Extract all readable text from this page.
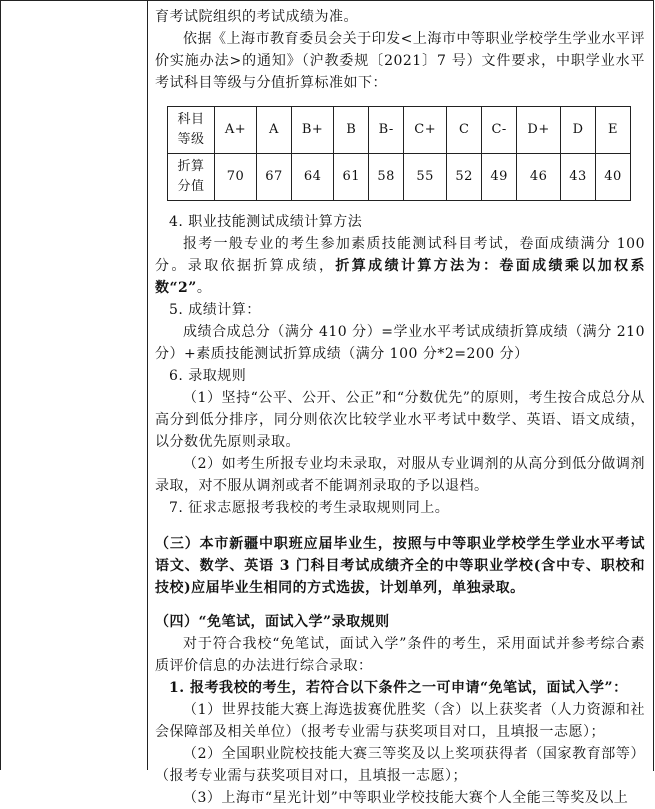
育考试院组织的考试成绩为准。

依据《上海市教育委员会关于印发<上海市中等职业学校学生学业水平评价实施办法>的通知》（沪教委规〔2021〕7 号）文件要求，中职学业水平考试科目等级与分值折算标准如下：

科目
等级	A+	A	B+	B	B-	C+	C	C-	D+	D	E
折算
分值	70	67	64	61	58	55	52	49	46	43	40

4. 职业技能测试成绩计算方法

报考一般专业的考生参加素质技能测试科目考试，卷面成绩满分 100 分。录取依据折算成绩，折算成绩计算方法为：卷面成绩乘以加权系数“2”。

5. 成绩计算：

成绩合成总分（满分 410 分）=学业水平考试成绩折算成绩（满分 210 分）+素质技能测试折算成绩（满分 100 分*2=200 分）

6. 录取规则

（1）坚持“公平、公开、公正”和“分数优先”的原则，考生按合成总分从高分到低分排序，同分则依次比较学业水平考试中数学、英语、语文成绩，以分数优先原则录取。

（2）如考生所报专业均未录取，对服从专业调剂的从高分到低分做调剂录取，对不服从调剂或者不能调剂录取的予以退档。

7. 征求志愿报考我校的考生录取规则同上。

（三）本市新疆中职班应届毕业生，按照与中等职业学校学生学业水平考试语文、数学、英语 3 门科目考试成绩齐全的中等职业学校(含中专、职校和技校)应届毕业生相同的方式选拔，计划单列，单独录取。

（四）“免笔试，面试入学”录取规则

对于符合我校“免笔试，面试入学”条件的考生，采用面试并参考综合素质评价信息的办法进行综合录取：

1. 报考我校的考生，若符合以下条件之一可申请“免笔试，面试入学”：

（1）世界技能大赛上海选拔赛优胜奖（含）以上获奖者（人力资源和社会保障部及相关单位）（报考专业需与获奖项目对口，且填报一志愿）；

（2）全国职业院校技能大赛三等奖及以上奖项获得者（国家教育部等）（报考专业需与获奖项目对口，且填报一志愿）；

（3）上海市“星光计划”中等职业学校技能大赛个人全能三等奖及以上
